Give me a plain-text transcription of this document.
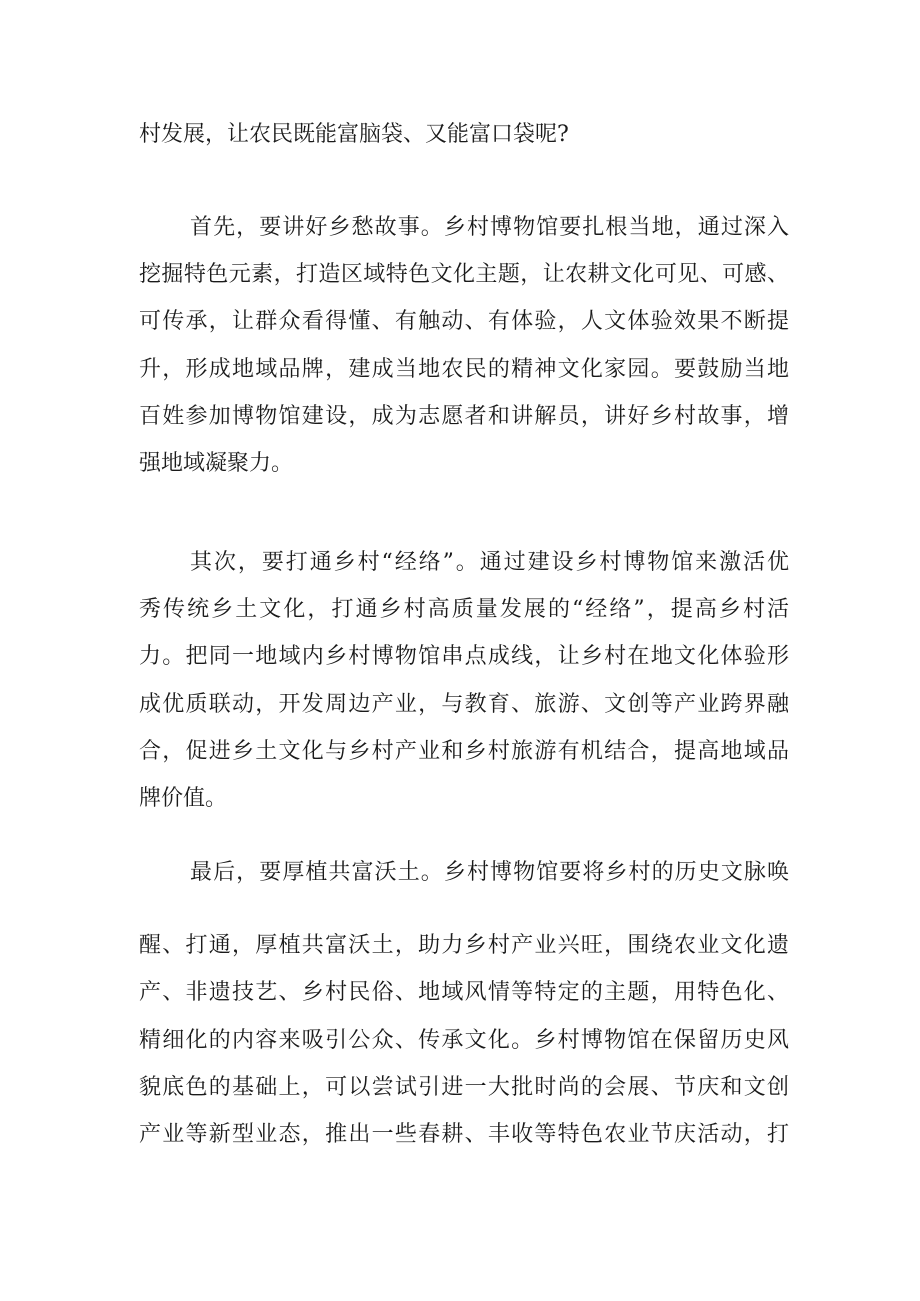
村发展，让农民既能富脑袋、又能富口袋呢?
首先，要讲好乡愁故事。乡村博物馆要扎根当地，通过深入
挖掘特色元素，打造区域特色文化主题，让农耕文化可见、可感、
可传承，让群众看得懂、有触动、有体验，人文体验效果不断提
升，形成地域品牌，建成当地农民的精神文化家园。要鼓励当地
百姓参加博物馆建设，成为志愿者和讲解员，讲好乡村故事，增
强地域凝聚力。
其次，要打通乡村“经络”。通过建设乡村博物馆来激活优
秀传统乡土文化，打通乡村高质量发展的“经络”，提高乡村活
力。把同一地域内乡村博物馆串点成线，让乡村在地文化体验形
成优质联动，开发周边产业，与教育、旅游、文创等产业跨界融
合，促进乡土文化与乡村产业和乡村旅游有机结合，提高地域品
牌价值。
最后，要厚植共富沃土。乡村博物馆要将乡村的历史文脉唤
醒、打通，厚植共富沃土，助力乡村产业兴旺，围绕农业文化遗
产、非遗技艺、乡村民俗、地域风情等特定的主题，用特色化、
精细化的内容来吸引公众、传承文化。乡村博物馆在保留历史风
貌底色的基础上，可以尝试引进一大批时尚的会展、节庆和文创
产业等新型业态，推出一些春耕、丰收等特色农业节庆活动，打
